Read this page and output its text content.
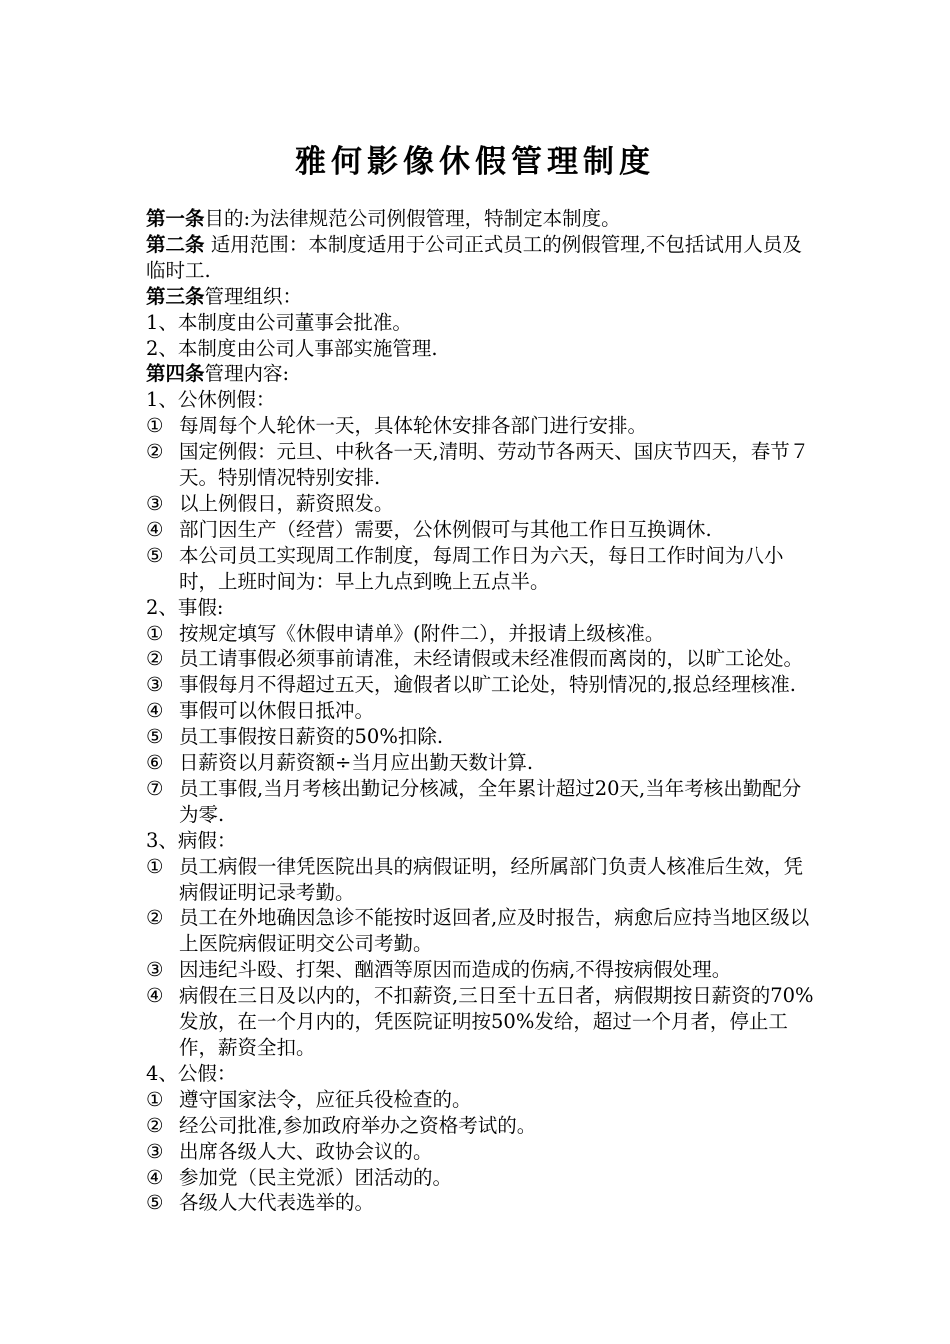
雅何影像休假管理制度

第一条目的:为法律规范公司例假管理，特制定本制度。

第二条 适用范围：本制度适用于公司正式员工的例假管理,不包括试用人员及临时工.

第三条管理组织：

1、本制度由公司董事会批准。

2、本制度由公司人事部实施管理.

第四条管理内容:

1、公休例假：

① 每周每个人轮休一天，具体轮休安排各部门进行安排。
② 国定例假：元旦、中秋各一天,清明、劳动节各两天、国庆节四天，春节７天。特别情况特别安排.
③ 以上例假日，薪资照发。
④ 部门因生产（经营）需要，公休例假可与其他工作日互换调休.
⑤ 本公司员工实现周工作制度，每周工作日为六天，每日工作时间为八小时，上班时间为：早上九点到晚上五点半。

2、事假:

① 按规定填写《休假申请单》(附件二），并报请上级核准。
② 员工请事假必须事前请准，未经请假或未经准假而离岗的，以旷工论处。
③ 事假每月不得超过五天，逾假者以旷工论处，特别情况的,报总经理核准.
④ 事假可以休假日抵冲。
⑤ 员工事假按日薪资的50%扣除.
⑥ 日薪资以月薪资额÷当月应出勤天数计算.
⑦ 员工事假,当月考核出勤记分核减，全年累计超过20天,当年考核出勤配分为零.

3、病假：

① 员工病假一律凭医院出具的病假证明，经所属部门负责人核准后生效，凭病假证明记录考勤。
② 员工在外地确因急诊不能按时返回者,应及时报告，病愈后应持当地区级以上医院病假证明交公司考勤。
③ 因违纪斗殴、打架、酗酒等原因而造成的伤病,不得按病假处理。
④ 病假在三日及以内的，不扣薪资,三日至十五日者，病假期按日薪资的70%发放，在一个月内的，凭医院证明按50%发给，超过一个月者，停止工作，薪资全扣。

4、公假：

① 遵守国家法令，应征兵役检查的。
② 经公司批准,参加政府举办之资格考试的。
③ 出席各级人大、政协会议的。
④ 参加党（民主党派）团活动的。
⑤ 各级人大代表选举的。
